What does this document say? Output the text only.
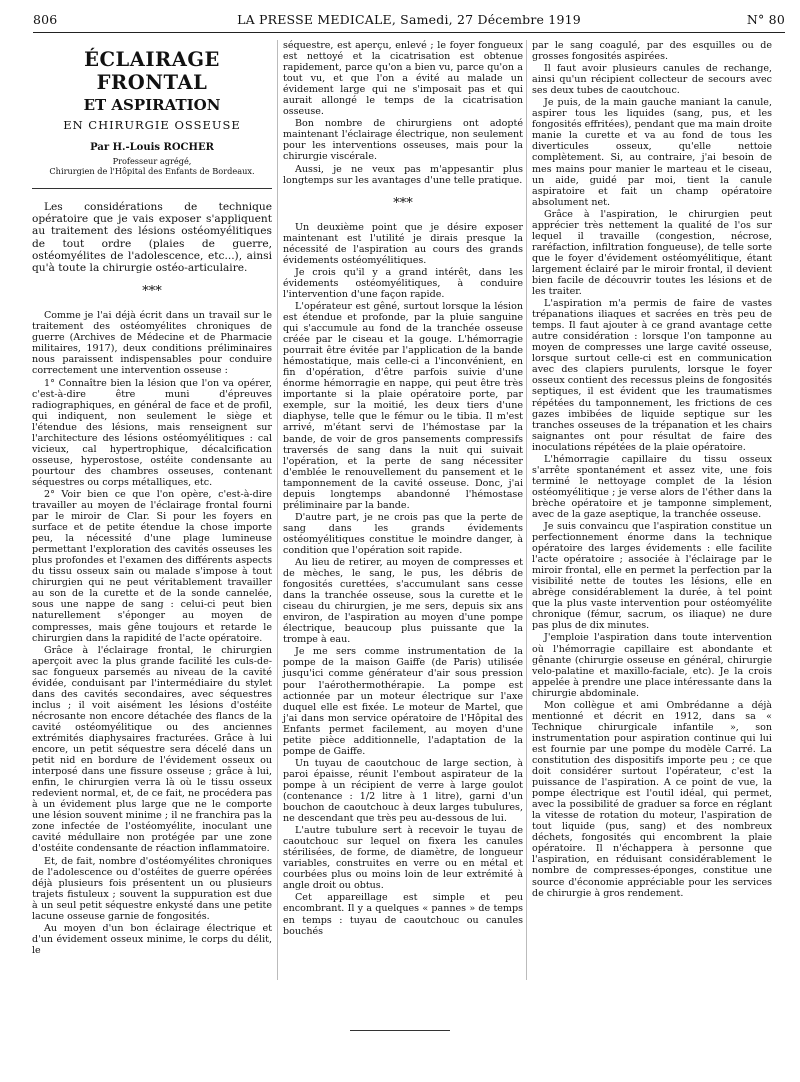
806	LA PRESSE MEDICALE, Samedi, 27 Décembre 1919	N° 80
ÉCLAIRAGE FRONTAL
ET ASPIRATION
EN CHIRURGIE OSSEUSE
Par H.-Louis ROCHER
Professeur agrégé,
Chirurgien de l'Hôpital des Enfants de Bordeaux.

Les considérations de technique opératoire que je vais exposer s'appliquent au traitement des lésions ostéomyélitiques de tout ordre (plaies de guerre, ostéomyélites de l'adolescence, etc...), ainsi qu'à toute la chirurgie ostéo-articulaire.

***

Comme je l'ai déjà écrit dans un travail sur le traitement des ostéomyélites chroniques de guerre (Archives de Médecine et de Pharmacie militaires, 1917), deux conditions préliminaires nous paraissent indispensables pour conduire correctement une intervention osseuse :

1° Connaître bien la lésion que l'on va opérer, c'est-à-dire être muni d'épreuves radiographiques, en général de face et de profil, qui indiquent, non seulement le siège et l'étendue des lésions, mais renseignent sur l'architecture des lésions ostéomyélitiques : cal vicieux, cal hypertrophique, décalcification osseuse, hyperostose, ostéite condensante au pourtour des chambres osseuses, contenant séquestres ou corps métalliques, etc.

2° Voir bien ce que l'on opère, c'est-à-dire travailler au moyen de l'éclairage frontal fourni par le miroir de Clar. Si pour les foyers en surface et de petite étendue la chose importe peu, la nécessité d'une plage lumineuse permettant l'exploration des cavités osseuses les plus profondes et l'examen des différents aspects du tissu osseux sain ou malade s'impose à tout chirurgien qui ne peut véritablement travailler au son de la curette et de la sonde cannelée, sous une nappe de sang : celui-ci peut bien naturellement s'éponger au moyen de compresses, mais gêne toujours et retarde le chirurgien dans la rapidité de l'acte opératoire.

Grâce à l'éclairage frontal, le chirurgien aperçoit avec la plus grande facilité les culs-de-sac fongueux parsemés au niveau de la cavité évidée, conduisant par l'intermédiaire du stylet dans des cavités secondaires, avec séquestres inclus ; il voit aisément les lésions d'ostéite nécrosante non encore détachée des flancs de la cavité ostéomyélitique ou des anciennes extrémités diaphysaires fracturées. Grâce à lui encore, un petit séquestre sera décelé dans un petit nid en bordure de l'évidement osseux ou interposé dans une fissure osseuse ; grâce à lui, enfin, le chirurgien verra là où le tissu osseux redevient normal, et, de ce fait, ne procédera pas à un évidement plus large que ne le comporte une lésion souvent minime ; il ne franchira pas la zone infectée de l'ostéomyélite, inoculant une cavité médullaire non protégée par une zone d'ostéite condensante de réaction inflammatoire.

Et, de fait, nombre d'ostéomyélites chroniques de l'adolescence ou d'ostéites de guerre opérées déjà plusieurs fois présentent un ou plusieurs trajets fistuleux ; souvent la suppuration est due à un seul petit séquestre enkysté dans une petite lacune osseuse garnie de fongosités.

Au moyen d'un bon éclairage électrique et d'un évidement osseux minime, le corps du délit, le

séquestre, est aperçu, enlevé ; le foyer fongueux est nettoyé et la cicatrisation est obtenue rapidement, parce qu'on a bien vu, parce qu'on a tout vu, et que l'on a évité au malade un évidement large qui ne s'imposait pas et qui aurait allongé le temps de la cicatrisation osseuse.

Bon nombre de chirurgiens ont adopté maintenant l'éclairage électrique, non seulement pour les interventions osseuses, mais pour la chirurgie viscérale.

Aussi, je ne veux pas m'appesantir plus longtemps sur les avantages d'une telle pratique.

***

Un deuxième point que je désire exposer maintenant est l'utilité je dirais presque la nécessité de l'aspiration au cours des grands évidements ostéomyélitiques.

Je crois qu'il y a grand intérêt, dans les évidements ostéomyélitiques, à conduire l'intervention d'une façon rapide.

L'opérateur est gêné, surtout lorsque la lésion est étendue et profonde, par la pluie sanguine qui s'accumule au fond de la tranchée osseuse créée par le ciseau et la gouge. L'hémorragie pourrait être évitée par l'application de la bande hémostatique, mais celle-ci a l'inconvénient, en fin d'opération, d'être parfois suivie d'une énorme hémorragie en nappe, qui peut être très importante si la plaie opératoire porte, par exemple, sur la moitié, les deux tiers d'une diaphyse, telle que le fémur ou le tibia. Il m'est arrivé, m'étant servi de l'hémostase par la bande, de voir de gros pansements compressifs traversés de sang dans la nuit qui suivait l'opération, et la perte de sang nécessiter d'emblée le renouvellement du pansement et le tamponnement de la cavité osseuse. Donc, j'ai depuis longtemps abandonné l'hémostase préliminaire par la bande.

D'autre part, je ne crois pas que la perte de sang dans les grands évidements ostéomyélitiques constitue le moindre danger, à condition que l'opération soit rapide.

Au lieu de retirer, au moyen de compresses et de mèches, le sang, le pus, les débris de fongosités curettées, s'accumulant sans cesse dans la tranchée osseuse, sous la curette et le ciseau du chirurgien, je me sers, depuis six ans environ, de l'aspiration au moyen d'une pompe électrique, beaucoup plus puissante que la trompe à eau.

Je me sers comme instrumentation de la pompe de la maison Gaiffe (de Paris) utilisée jusqu'ici comme générateur d'air sous pression pour l'aérothermothérapie. La pompe est actionnée par un moteur électrique sur l'axe duquel elle est fixée. Le moteur de Martel, que j'ai dans mon service opératoire de l'Hôpital des Enfants permet facilement, au moyen d'une petite pièce additionnelle, l'adaptation de la pompe de Gaiffe.

Un tuyau de caoutchouc de large section, à paroi épaisse, réunit l'embout aspirateur de la pompe à un récipient de verre à large goulot (contenance : 1/2 litre à 1 litre), garni d'un bouchon de caoutchouc à deux larges tubulures, ne descendant que très peu au-dessous de lui.

L'autre tubulure sert à recevoir le tuyau de caoutchouc sur lequel on fixera les canules stérilisées, de forme, de diamètre, de longueur variables, construites en verre ou en métal et courbées plus ou moins loin de leur extrémité à angle droit ou obtus.

Cet appareillage est simple et peu encombrant. Il y a quelques « pannes » de temps en temps : tuyau de caoutchouc ou canules bouchés

par le sang coagulé, par des esquilles ou de grosses fongosités aspirées.

Il faut avoir plusieurs canules de rechange, ainsi qu'un récipient collecteur de secours avec ses deux tubes de caoutchouc.

Je puis, de la main gauche maniant la canule, aspirer tous les liquides (sang, pus, et les fongosités effritées), pendant que ma main droite manie la curette et va au fond de tous les diverticules osseux, qu'elle nettoie complètement. Si, au contraire, j'ai besoin de mes mains pour manier le marteau et le ciseau, un aide, guidé par moi, tient la canule aspiratoire et fait un champ opératoire absolument net.

Grâce à l'aspiration, le chirurgien peut apprécier très nettement la qualité de l'os sur lequel il travaille (congestion, nécrose, raréfaction, infiltration fongueuse), de telle sorte que le foyer d'évidement ostéomyélitique, étant largement éclairé par le miroir frontal, il devient bien facile de découvrir toutes les lésions et de les traiter.

L'aspiration m'a permis de faire de vastes trépanations iliaques et sacrées en très peu de temps. Il faut ajouter à ce grand avantage cette autre considération : lorsque l'on tamponne au moyen de compresses une large cavité osseuse, lorsque surtout celle-ci est en communication avec des clapiers purulents, lorsque le foyer osseux contient des recessus pleins de fongosités septiques, il est évident que les traumatismes répétées du tamponnement, les frictions de ces gazes imbibées de liquide septique sur les tranches osseuses de la trépanation et les chairs saignantes ont pour résultat de faire des inoculations répétées de la plaie opératoire.

L'hémorragie capillaire du tissu osseux s'arrête spontanément et assez vite, une fois terminé le nettoyage complet de la lésion ostéomyélitique ; je verse alors de l'éther dans la brèche opératoire et je tamponne simplement, avec de la gaze aseptique, la tranchée osseuse.

Je suis convaincu que l'aspiration constitue un perfectionnement énorme dans la technique opératoire des larges évidements : elle facilite l'acte opératoire ; associée à l'éclairage par le miroir frontal, elle en permet la perfection par la visibilité nette de toutes les lésions, elle en abrège considérablement la durée, à tel point que la plus vaste intervention pour ostéomyélite chronique (fémur, sacrum, os iliaque) ne dure pas plus de dix minutes.

J'emploie l'aspiration dans toute intervention où l'hémorragie capillaire est abondante et gênante (chirurgie osseuse en général, chirurgie velo-palatine et maxillo-faciale, etc). Je la crois appelée à prendre une place intéressante dans la chirurgie abdominale.

Mon collègue et ami Ombrédanne a déjà mentionné et décrit en 1912, dans sa « Technique chirurgicale infantile », son instrumentation pour aspiration continue qui lui est fournie par une pompe du modèle Carré. La constitution des dispositifs importe peu ; ce que doit considérer surtout l'opérateur, c'est la puissance de l'aspiration. A ce point de vue, la pompe électrique est l'outil idéal, qui permet, avec la possibilité de graduer sa force en réglant la vitesse de rotation du moteur, l'aspiration de tout liquide (pus, sang) et des nombreux déchets, fongosités qui encombrent la plaie opératoire. Il n'échappera à personne que l'aspiration, en réduisant considérablement le nombre de compresses-éponges, constitue une source d'économie appréciable pour les services de chirurgie à gros rendement.
